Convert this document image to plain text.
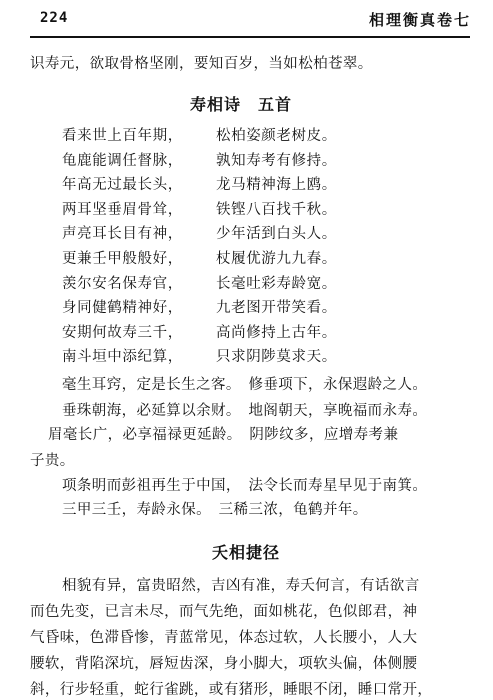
224	相理衡真卷七
识寿元，欲取骨格坚刚，要知百岁，当如松柏苍翠。
寿相诗　五首
看来世上百年期， 松柏姿颜老树皮。
龟鹿能调任督脉， 孰知寿考有修持。
年高无过最长头， 龙马精神海上鸥。
两耳坚垂眉骨耸， 铁铿八百找千秋。
声亮耳长目有神， 少年活到白头人。
更兼壬甲般般好， 杖履优游九九春。
羡尔安名保寿官， 长毫吐彩寿龄宽。
身同健鹤精神好， 九老图开带笑看。
安期何故寿三千， 高尚修持上古年。
南斗垣中添纪算， 只求阴陟莫求天。
毫生耳窍，定是长生之客。　修垂项下，永保遐龄之人。
垂珠朝海，必延算以余财。　地阁朝天，享晚福而永寿。
眉毫长广，必享福禄更延龄。　阴陟纹多，应增寿考兼
子贵。
项条明而彭祖再生于中国，　法令长而寿星早见于南箕。
三甲三壬，寿龄永保。　三稀三浓，龟鹤并年。
夭相捷径
相貌有异，富贵昭然，吉凶有准，寿夭何言，有话欲言
而色先变，已言未尽，而气先绝，面如桃花，色似郎君，神
气昏味，色滞昏惨，青蓝常见，体态过软，人长腰小，人大
腰软，背陷深坑，唇短齿深，身小脚大，项软头偏，体侧腰
斜，行步轻重，蛇行雀跳，或有猪形，睡眼不闭，睡口常开，
